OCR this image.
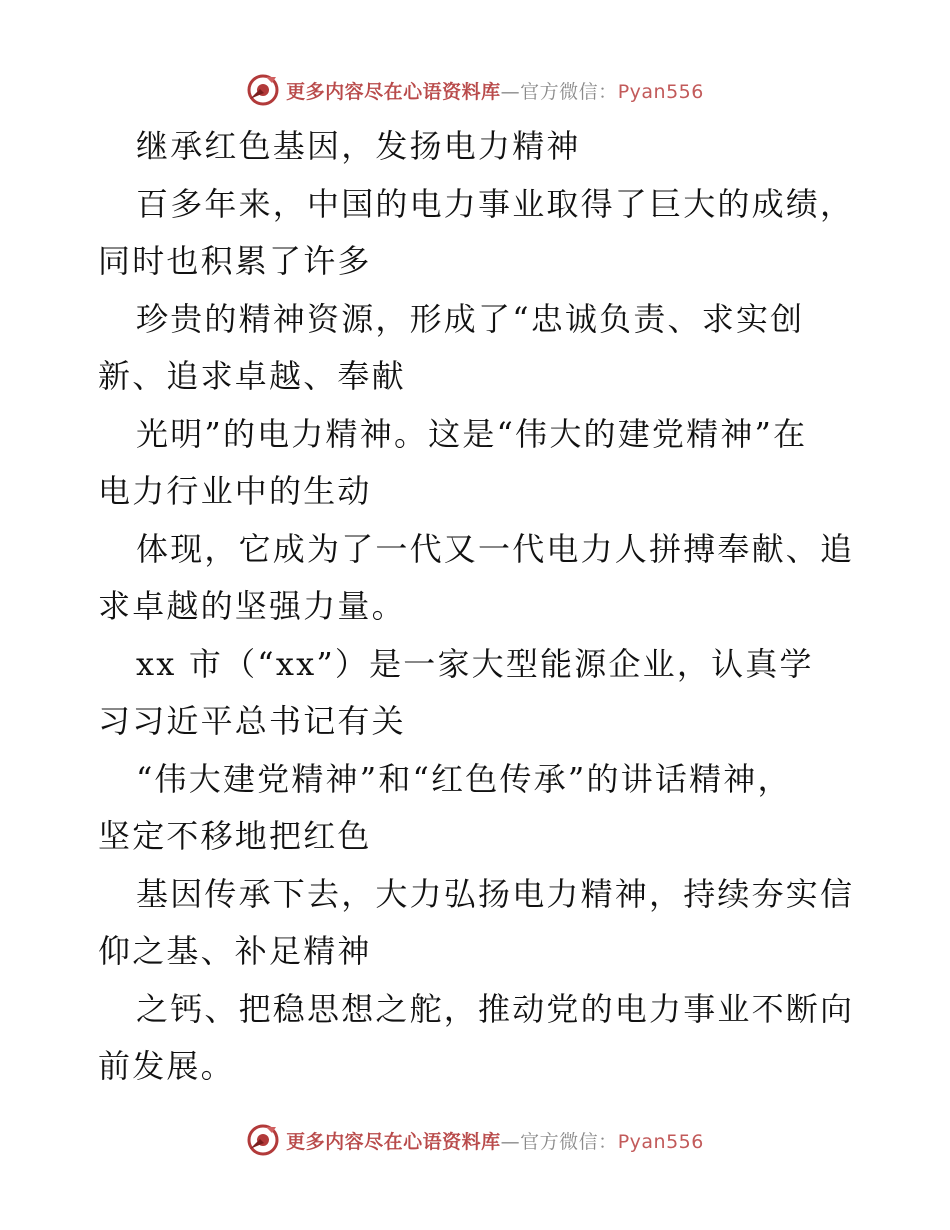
更多内容尽在心语资料库—官方微信：Pyan556
继承红色基因，发扬电力精神
百多年来，中国的电力事业取得了巨大的成绩，
同时也积累了许多
珍贵的精神资源，形成了“忠诚负责、求实创
新、追求卓越、奉献
光明”的电力精神。这是“伟大的建党精神”在
电力行业中的生动
体现，它成为了一代又一代电力人拼搏奉献、追
求卓越的坚强力量。
xx 市（“xx”）是一家大型能源企业，认真学
习习近平总书记有关
“伟大建党精神”和“红色传承”的讲话精神，
坚定不移地把红色
基因传承下去，大力弘扬电力精神，持续夯实信
仰之基、补足精神
之钙、把稳思想之舵，推动党的电力事业不断向
前发展。
更多内容尽在心语资料库—官方微信：Pyan556
